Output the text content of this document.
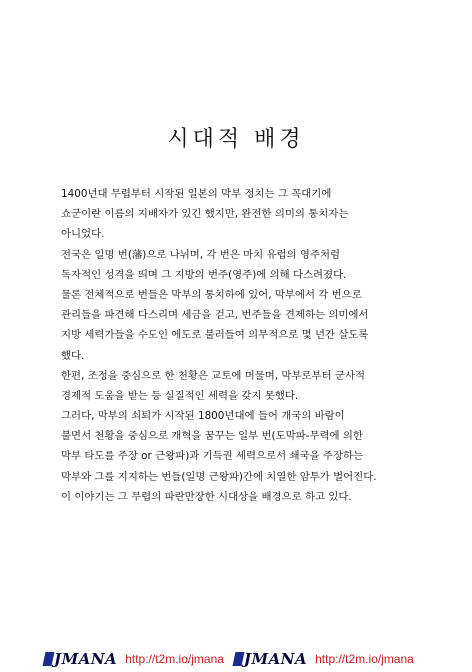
시대적 배경
1400년대 무렵부터 시작된 일본의 막부 정치는 그 꼭대기에
쇼군이란 이름의 지배자가 있긴 했지만, 완전한 의미의 통치자는
아니었다.
전국은 일명 번(藩)으로 나뉘며, 각 번은 마치 유럽의 영주처럼
독자적인 성격을 띄며 그 지방의 번주(영주)에 의해 다스려졌다.
물론 전체적으로 번들은 막부의 통치하에 있어, 막부에서 각 번으로
관리들을 파견해 다스리며 세금을 걷고, 번주들을 견제하는 의미에서
지방 세력가들을 수도인 에도로 불러들여 의무적으로 몇 년간 살도록
했다.
한편, 조정을 중심으로 한 천황은 교토에 머물며, 막부로부터 군사적
경제적 도움을 받는 등 실질적인 세력을 갖지 못했다.
그러다, 막부의 쇠퇴가 시작된 1800년대에 들어 개국의 바람이
불면서 천황을 중심으로 개혁을 꿈꾸는 일부 번(도막파-무력에 의한
막부 타도를 주장 or 근왕파)과 기득권 세력으로서 쇄국을 주장하는
막부와 그를 지지하는 번들(일명 근왕파)간에 치열한 암투가 벌어진다.
이 이야기는 그 무렵의 파란만장한 시대상을 배경으로 하고 있다.
JMANA http://t2m.io/jmana JMANA http://t2m.io/jmana
